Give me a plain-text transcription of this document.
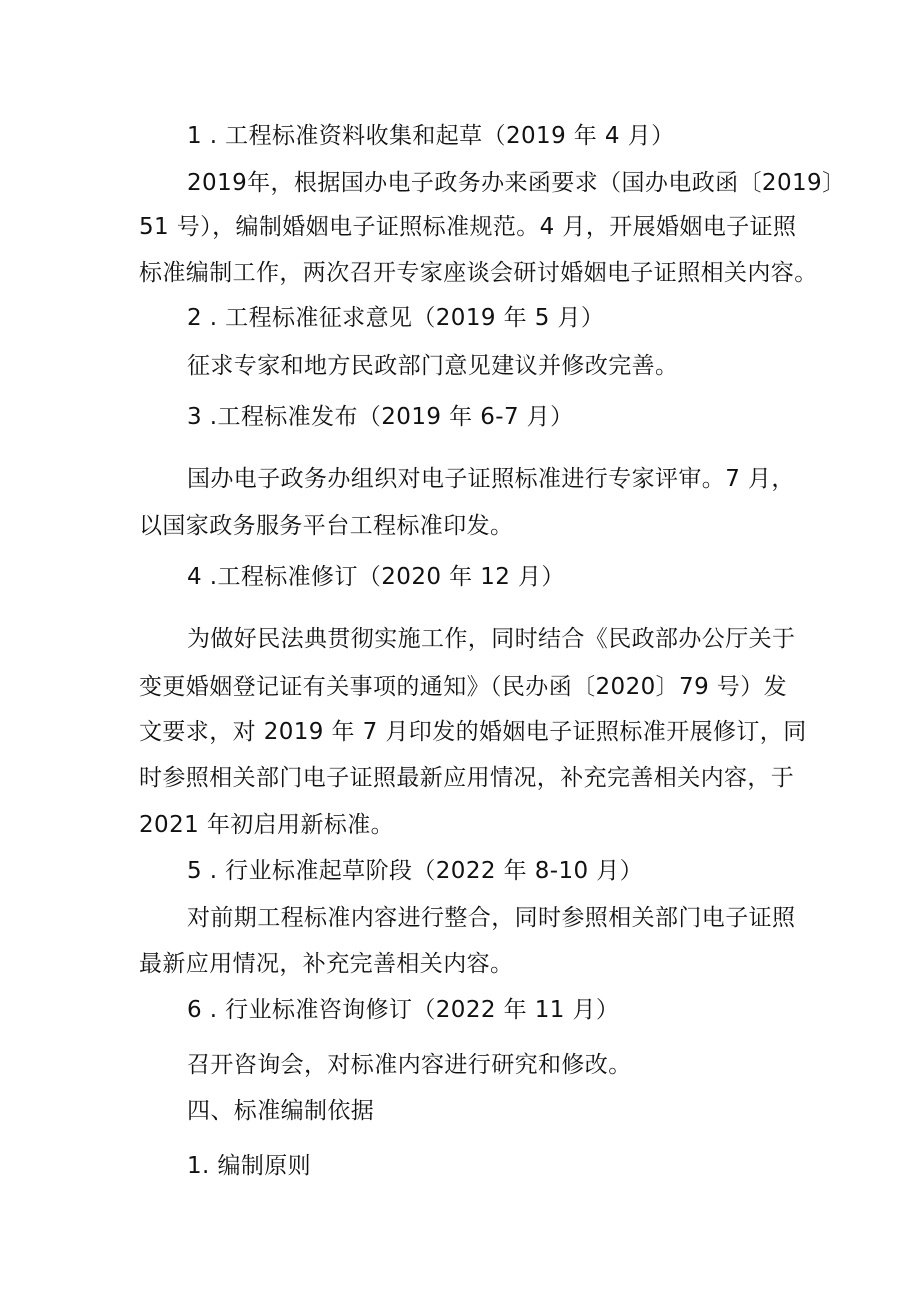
1 . 工程标准资料收集和起草（2019 年 4 月）
2019年，根据国办电子政务办来函要求（国办电政函〔2019〕
51 号），编制婚姻电子证照标准规范。4 月，开展婚姻电子证照
标准编制工作，两次召开专家座谈会研讨婚姻电子证照相关内容。
2 . 工程标准征求意见（2019 年 5 月）
征求专家和地方民政部门意见建议并修改完善。
3 .工程标准发布（2019 年 6-7 月）
国办电子政务办组织对电子证照标准进行专家评审。7 月，
以国家政务服务平台工程标准印发。
4 .工程标准修订（2020 年 12 月）
为做好民法典贯彻实施工作，同时结合《民政部办公厅关于
变更婚姻登记证有关事项的通知》（民办函〔2020〕79 号）发
文要求，对 2019 年 7 月印发的婚姻电子证照标准开展修订，同
时参照相关部门电子证照最新应用情况，补充完善相关内容，于
2021 年初启用新标准。
5 . 行业标准起草阶段（2022 年 8-10 月）
对前期工程标准内容进行整合，同时参照相关部门电子证照
最新应用情况，补充完善相关内容。
6 . 行业标准咨询修订（2022 年 11 月）
召开咨询会，对标准内容进行研究和修改。
四、标准编制依据
1. 编制原则
